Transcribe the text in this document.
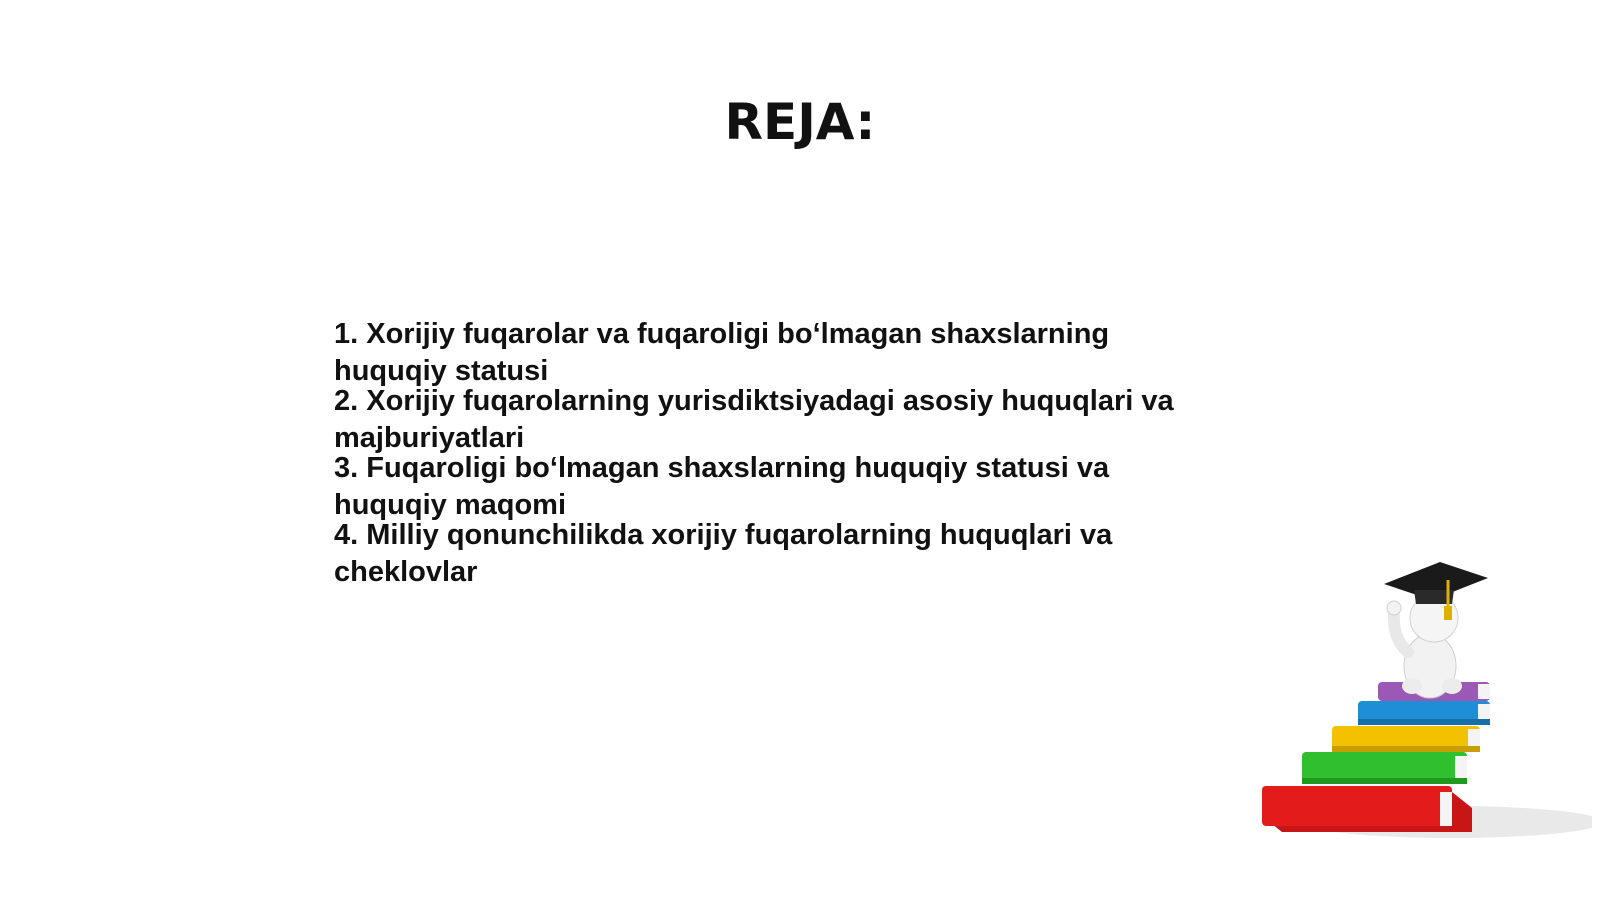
REJA:
1. Xorijiy fuqarolar va fuqaroligi bo‘lmagan shaxslarning huquqiy statusi
2. Xorijiy fuqarolarning yurisdiktsiyadagi asosiy huquqlari va majburiyatlari
3. Fuqaroligi bo‘lmagan shaxslarning huquqiy statusi va huquqiy maqomi
4. Milliy qonunchilikda xorijiy fuqarolarning huquqlari va cheklovlar
